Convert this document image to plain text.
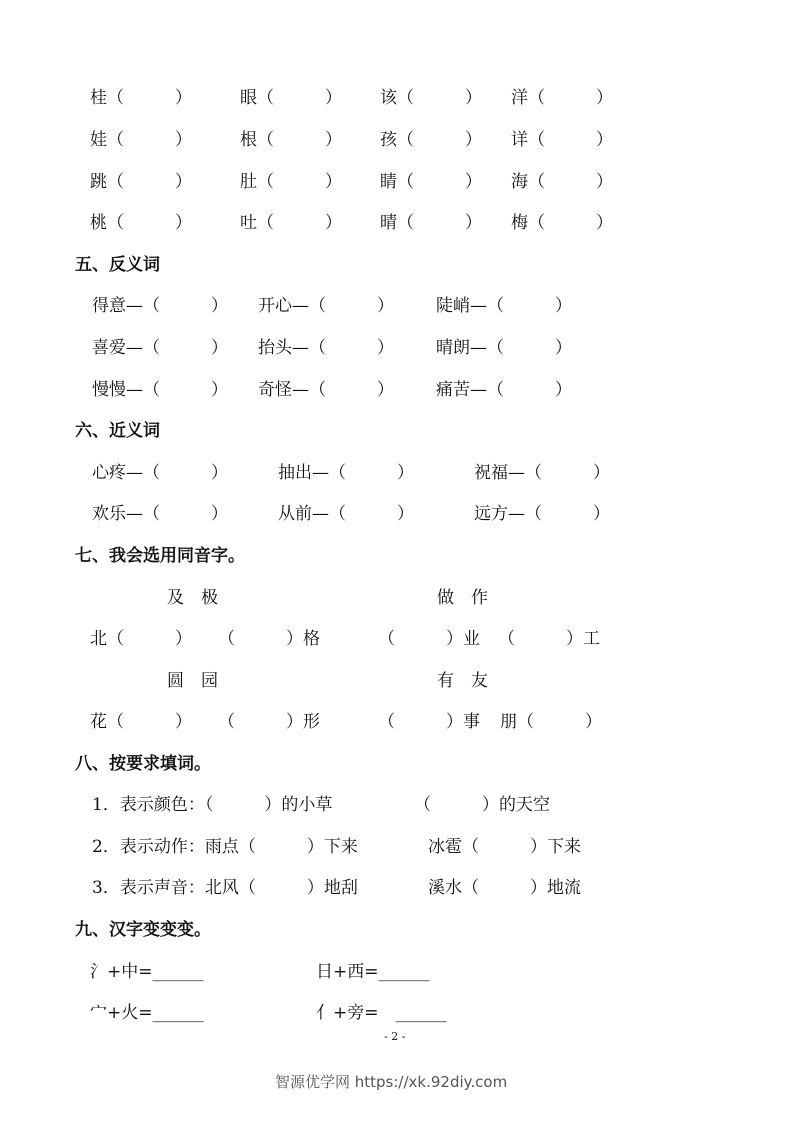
桂（　　　）	眼（　　　） 该（　　　） 洋（　　　）
娃（　　　）	根（　　　） 孩（　　　） 详（　　　）
跳（　　　）	肚（　　　） 睛（　　　） 海（　　　）
桃（　　　）	吐（　　　） 晴（　　　） 梅（　　　）
五、反义词
得意—（　　　） 开心—（　　　） 陡峭—（　　　）
喜爱—（　　　） 抬头—（　　　） 晴朗—（　　　）
慢慢—（　　　） 奇怪—（　　　） 痛苦—（　　　）
六、近义词
心疼—（　　　）	抽出—（　　　）	祝福—（　　　）
欢乐—（　　　）	从前—（　　　）	远方—（　　　）
七、我会选用同音字。
及　极	做　作
北（　　　） （　　　）格	（　　　）业 （　　　）工
圆　园	有　友
花（　　　） （　　　）形	（　　　）事 朋（　　　）
八、按要求填词。
1．表示颜色：（　　　）的小草	（　　　）的天空
2．表示动作：雨点（　　　）下来	冰雹（　　　）下来
3．表示声音：北风（　　　）地刮	溪水（　　　）地流
九、汉字变变变。
氵+中=______	日+西=______
宀+火=______	亻+旁=　______
- 2 -
智源优学网 https://xk.92diy.com
